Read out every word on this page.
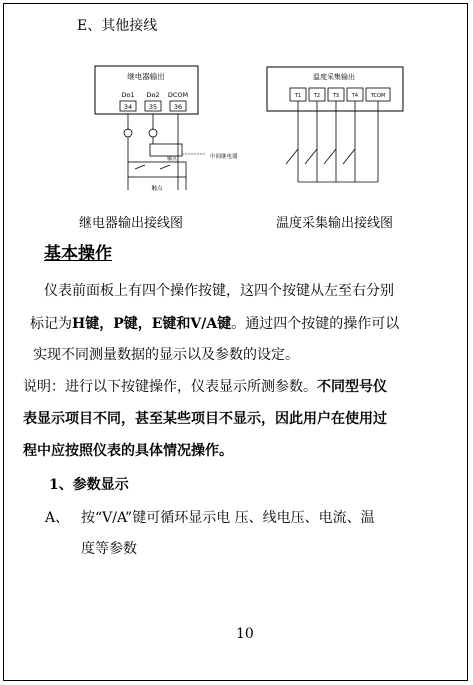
E、其他接线
继电器输出
Do1 Do2 DCOM
34	35	36
输点	中间继电器
触点
温度采集输出
T1	T2	T3	T4	TCOM
继电器输出接线图	温度采集输出接线图
基本操作
仪表前面板上有四个操作按键，这四个按键从左至右分别
标记为H键，P键，E键和V/A键。通过四个按键的操作可以
实现不同测量数据的显示以及参数的设定。
说明：进行以下按键操作，仪表显示所测参数。不同型号仪
表显示项目不同，甚至某些项目不显示，因此用户在使用过
程中应按照仪表的具体情况操作。
1、参数显示
A、 按“V/A”键可循环显示电 压、线电压、电流、温
度等参数
10
